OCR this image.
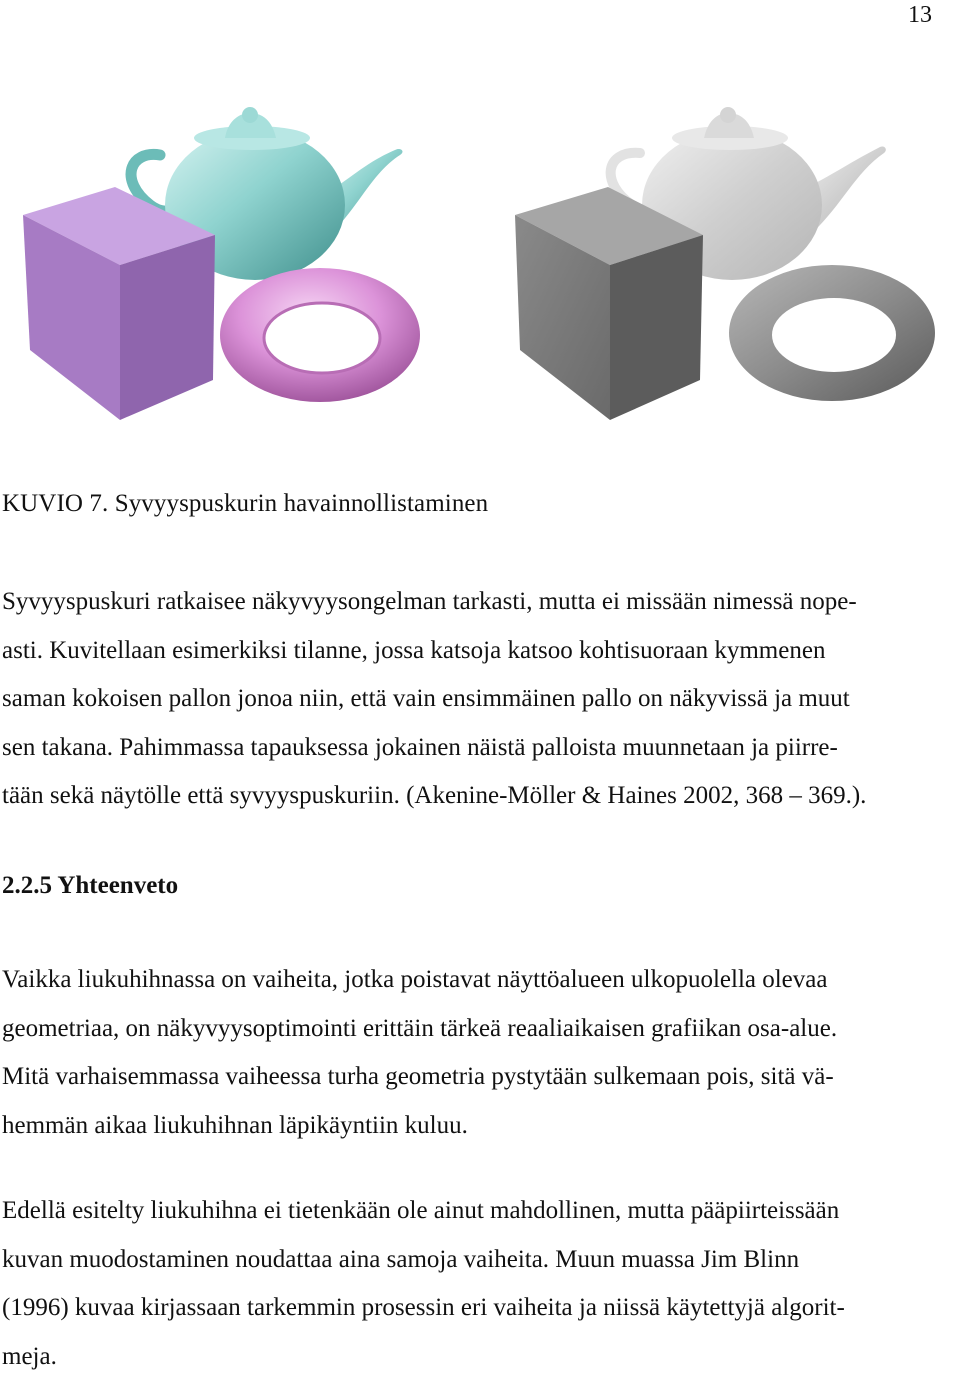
13
KUVIO 7. Syvyyspuskurin havainnollistaminen
Syvyyspuskuri ratkaisee näkyvyysongelman tarkasti, mutta ei missään nimessä nope-
asti. Kuvitellaan esimerkiksi tilanne, jossa katsoja katsoo kohtisuoraan kymmenen
saman kokoisen pallon jonoa niin, että vain ensimmäinen pallo on näkyvissä ja muut
sen takana. Pahimmassa tapauksessa jokainen näistä palloista muunnetaan ja piirre-
tään sekä näytölle että syvyyspuskuriin. (Akenine-Möller & Haines 2002, 368 – 369.).
2.2.5 Yhteenveto
Vaikka liukuhihnassa on vaiheita, jotka poistavat näyttöalueen ulkopuolella olevaa
geometriaa, on näkyvyysoptimointi erittäin tärkeä reaaliaikaisen grafiikan osa-alue.
Mitä varhaisemmassa vaiheessa turha geometria pystytään sulkemaan pois, sitä vä-
hemmän aikaa liukuhihnan läpikäyntiin kuluu.
Edellä esitelty liukuhihna ei tietenkään ole ainut mahdollinen, mutta pääpiirteissään
kuvan muodostaminen noudattaa aina samoja vaiheita. Muun muassa Jim Blinn
(1996) kuvaa kirjassaan tarkemmin prosessin eri vaiheita ja niissä käytettyjä algorit-
meja.
